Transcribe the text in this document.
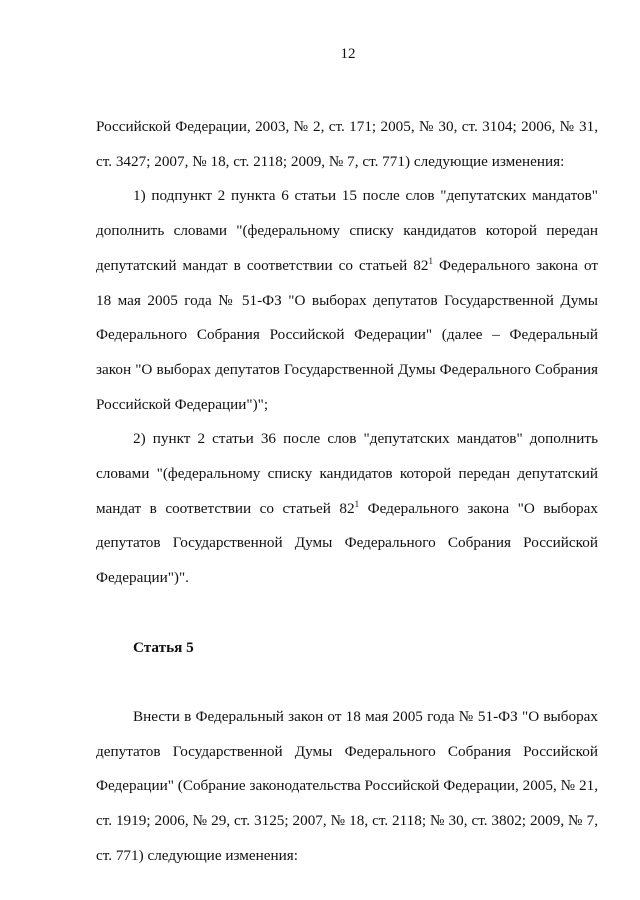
12
Российской Федерации, 2003, № 2, ст. 171; 2005, № 30, ст. 3104; 2006, № 31,
ст. 3427; 2007, № 18, ст. 2118; 2009, № 7, ст. 771) следующие изменения:
1) подпункт 2 пункта 6 статьи 15 после слов "депутатских мандатов"
дополнить словами "(федеральному списку кандидатов которой передан
депутатский мандат в соответствии со статьей $82^1$ Федерального закона от
18 мая 2005 года № 51-ФЗ "О выборах депутатов Государственной Думы
Федерального Собрания Российской Федерации" (далее – Федеральный
закон "О выборах депутатов Государственной Думы Федерального Собрания
Российской Федерации")";
2) пункт 2 статьи 36 после слов "депутатских мандатов" дополнить
словами "(федеральному списку кандидатов которой передан депутатский
мандат в соответствии со статьей $82^1$ Федерального закона "О выборах
депутатов Государственной Думы Федерального Собрания Российской
Федерации")".
Статья 5
Внести в Федеральный закон от 18 мая 2005 года № 51-ФЗ "О выборах
депутатов Государственной Думы Федерального Собрания Российской
Федерации" (Собрание законодательства Российской Федерации, 2005, № 21,
ст. 1919; 2006, № 29, ст. 3125; 2007, № 18, ст. 2118; № 30, ст. 3802; 2009, № 7,
ст. 771) следующие изменения:
